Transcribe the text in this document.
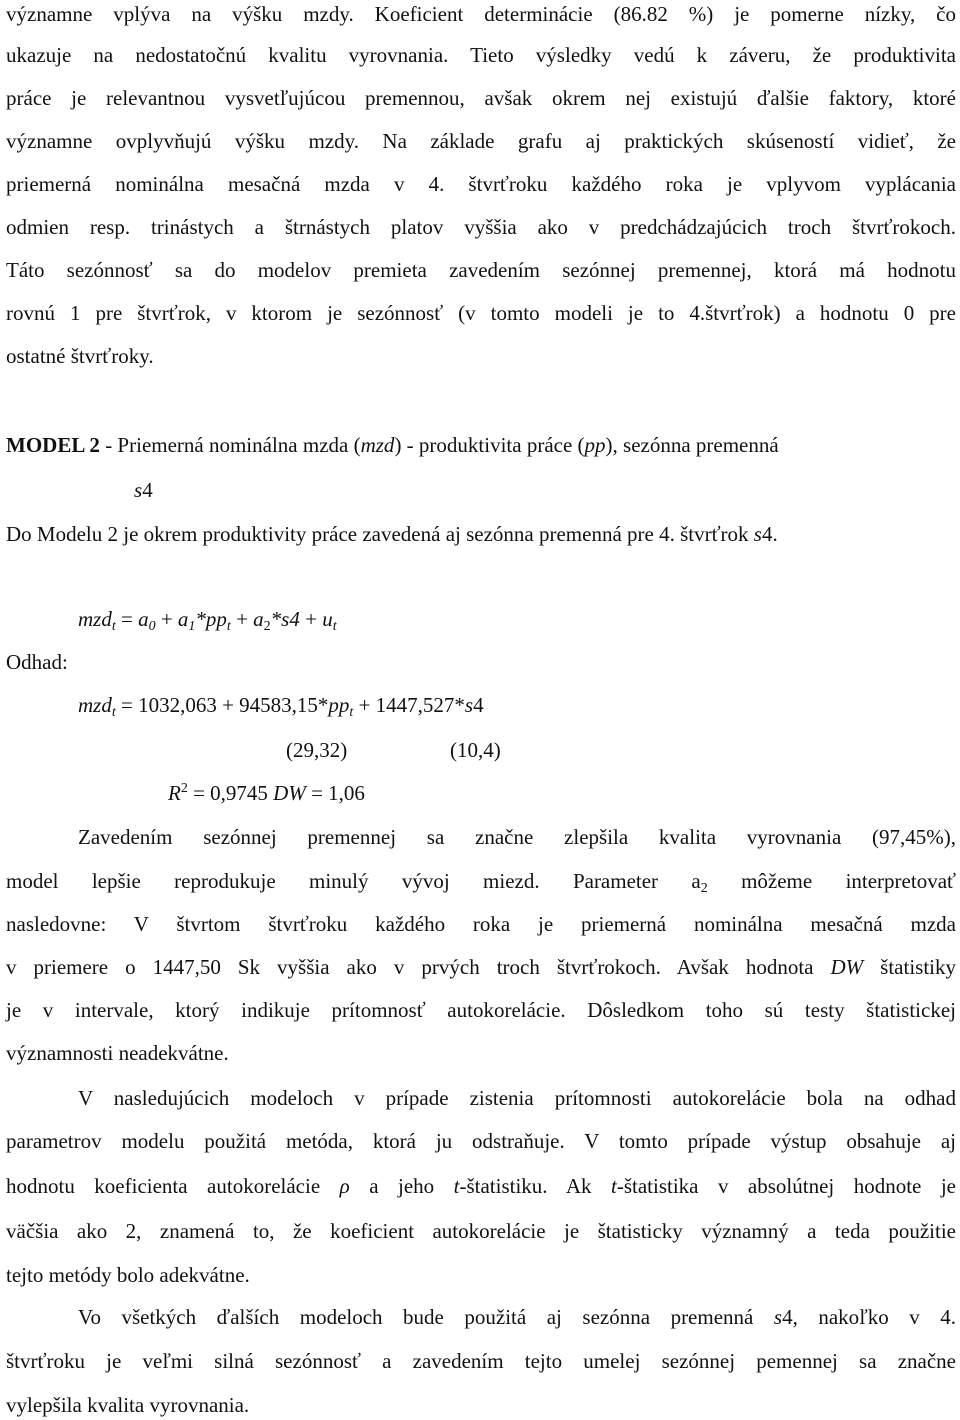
významne vplýva na výšku mzdy. Koeficient determinácie (86.82 %) je pomerne nízky, čo
ukazuje na nedostatočnú kvalitu vyrovnania. Tieto výsledky vedú k záveru, že produktivita
práce je relevantnou vysvetľujúcou premennou, avšak okrem nej existujú ďalšie faktory, ktoré
významne ovplyvňujú výšku mzdy. Na základe grafu aj praktických skúseností vidieť, že
priemerná nominálna mesačná mzda v 4. štvrťroku každého roka je vplyvom vyplácania
odmien resp. trinástych a štrnástych platov vyššia ako v predchádzajúcich troch štvrťrokoch.
Táto sezónnosť sa do modelov premieta zavedením sezónnej premennej, ktorá má hodnotu
rovnú 1 pre štvrťrok, v ktorom je sezónnosť (v tomto modeli je to 4.štvrťrok) a hodnotu 0 pre
ostatné štvrťroky.
MODEL 2 - Priemerná nominálna mzda (mzd) - produktivita práce (pp), sezónna premenná
s4
Do Modelu 2 je okrem produktivity práce zavedená aj sezónna premenná pre 4. štvrťrok s4.
$mzd_t = a_0 + a_1*pp_t + a_2*s4 + u_t$
Odhad:
$mzd_t = 1032,063 + 94583,15*pp_t + 1447,527*s4$
(29,32)	(10,4)
$R^2 = 0,9745$ DW = 1,06
Zavedením sezónnej premennej sa značne zlepšila kvalita vyrovnania (97,45%),
model lepšie reprodukuje minulý vývoj miezd. Parameter $a_2$ môžeme interpretovať
nasledovne: V štvrtom štvrťroku každého roka je priemerná nominálna mesačná mzda
v priemere o 1447,50 Sk vyššia ako v prvých troch štvrťrokoch. Avšak hodnota DW štatistiky
je v intervale, ktorý indikuje prítomnosť autokorelácie. Dôsledkom toho sú testy štatistickej
významnosti neadekvátne.
V nasledujúcich modeloch v prípade zistenia prítomnosti autokorelácie bola na odhad
parametrov modelu použitá metóda, ktorá ju odstraňuje. V tomto prípade výstup obsahuje aj
hodnotu koeficienta autokorelácie ρ a jeho t-štatistiku. Ak t-štatistika v absolútnej hodnote je
väčšia ako 2, znamená to, že koeficient autokorelácie je štatisticky významný a teda použitie
tejto metódy bolo adekvátne.
Vo všetkých ďalších modeloch bude použitá aj sezónna premenná s4, nakoľko v 4.
štvrťroku je veľmi silná sezónnosť a zavedením tejto umelej sezónnej pemennej sa značne
vylepšila kvalita vyrovnania.
